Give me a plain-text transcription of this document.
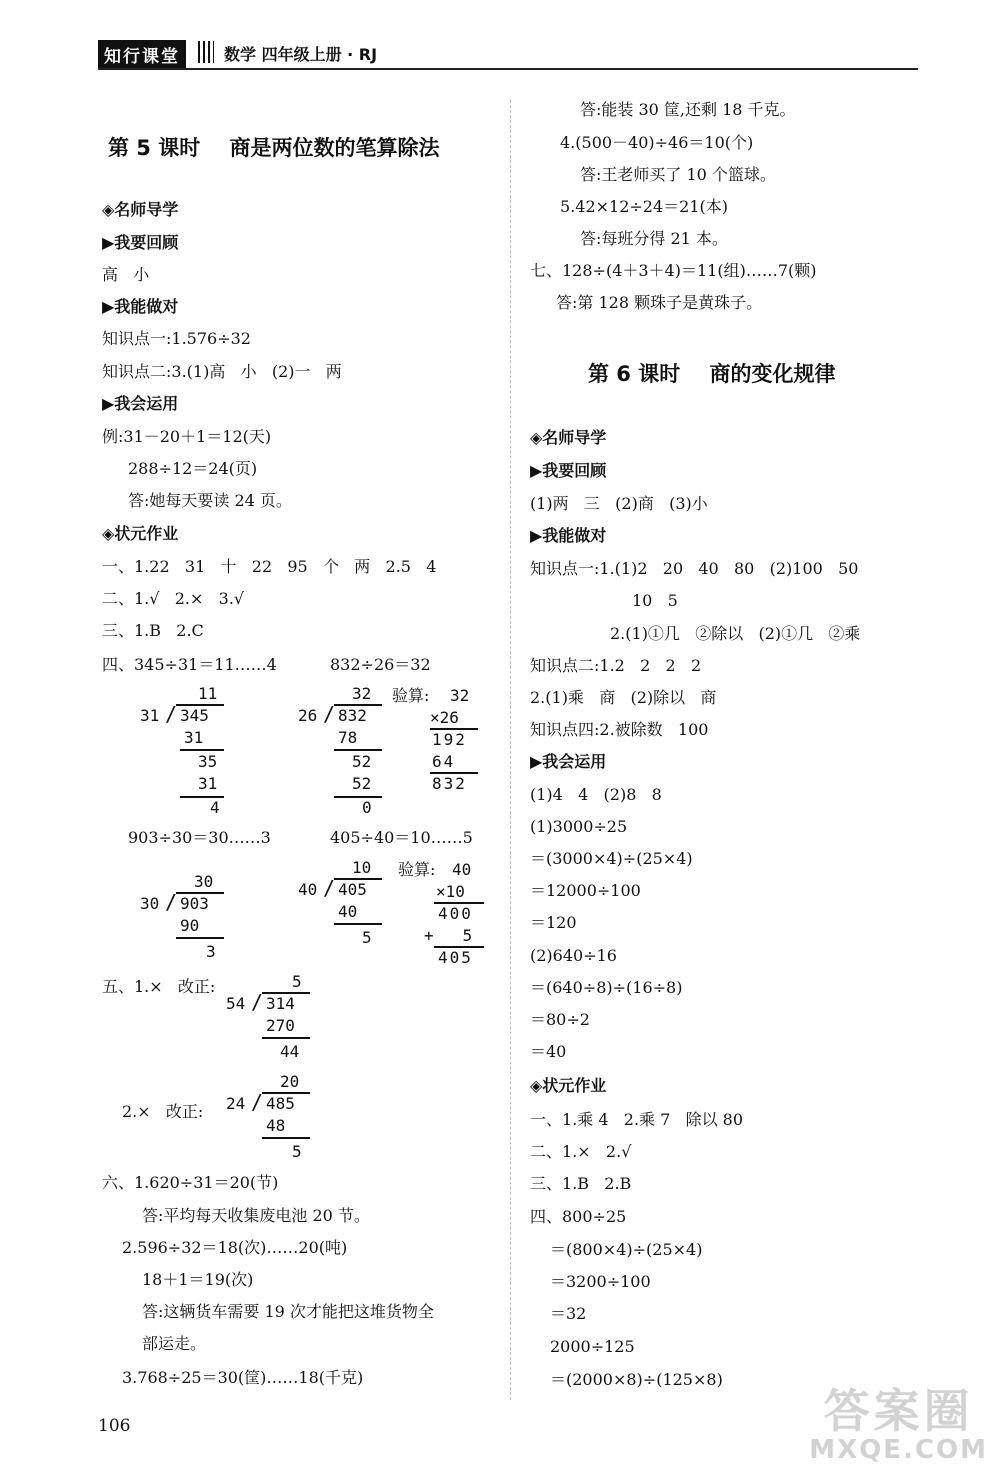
知行课堂	数学 四年级上册 · RJ
第 5 课时    商是两位数的笔算除法
◈名师导学
▶我要回顾
高   小
▶我能做对
知识点一:1.576÷32
知识点二:3.(1)高   小   (2)一   两
▶我会运用
例:31－20＋1＝12(天)
288÷12＝24(页)
答:她每天要读 24 页。
◈状元作业
一、1.22   31   十   22   95   个   两   2.5   4
二、1.√   2.×   3.√
三、1.B   2.C
四、345÷31＝11……4	832÷26＝32
11
31 / 345
31
35
31
4
32
26 / 832
78
52
52
0
验算: 32
×26
192
64
832
903÷30＝30……3	405÷40＝10……5
30
30 / 903
90
3
10
40 / 405
40
5
验算: 40
×10
400
+   5
405
五、1.×   改正:	5
54 / 314
270
44
2.×   改正:
20
24 / 485
48
5
六、1.620÷31＝20(节)
答:平均每天收集废电池 20 节。
2.596÷32＝18(次)……20(吨)
18＋1＝19(次)
答:这辆货车需要 19 次才能把这堆货物全
部运走。
3.768÷25＝30(筐)……18(千克)
答:能装 30 筐,还剩 18 千克。
4.(500－40)÷46＝10(个)
答:王老师买了 10 个篮球。
5.42×12÷24＝21(本)
答:每班分得 21 本。
七、128÷(4＋3＋4)＝11(组)……7(颗)
答:第 128 颗珠子是黄珠子。
第 6 课时    商的变化规律
◈名师导学
▶我要回顾
(1)两   三   (2)商   (3)小
▶我能做对
知识点一:1.(1)2   20   40   80   (2)100   50
10   5
2.(1)①几   ②除以   (2)①几   ②乘
知识点二:1.2   2   2   2
2.(1)乘   商   (2)除以   商
知识点四:2.被除数   100
▶我会运用
(1)4   4   (2)8   8
(1)3000÷25
＝(3000×4)÷(25×4)
＝12000÷100
＝120
(2)640÷16
＝(640÷8)÷(16÷8)
＝80÷2
＝40
◈状元作业
一、1.乘 4   2.乘 7   除以 80
二、1.×   2.√
三、1.B   2.B
四、800÷25
＝(800×4)÷(25×4)
＝3200÷100
＝32
2000÷125
＝(2000×8)÷(125×8)
106	答案圈
MXQE.COM
